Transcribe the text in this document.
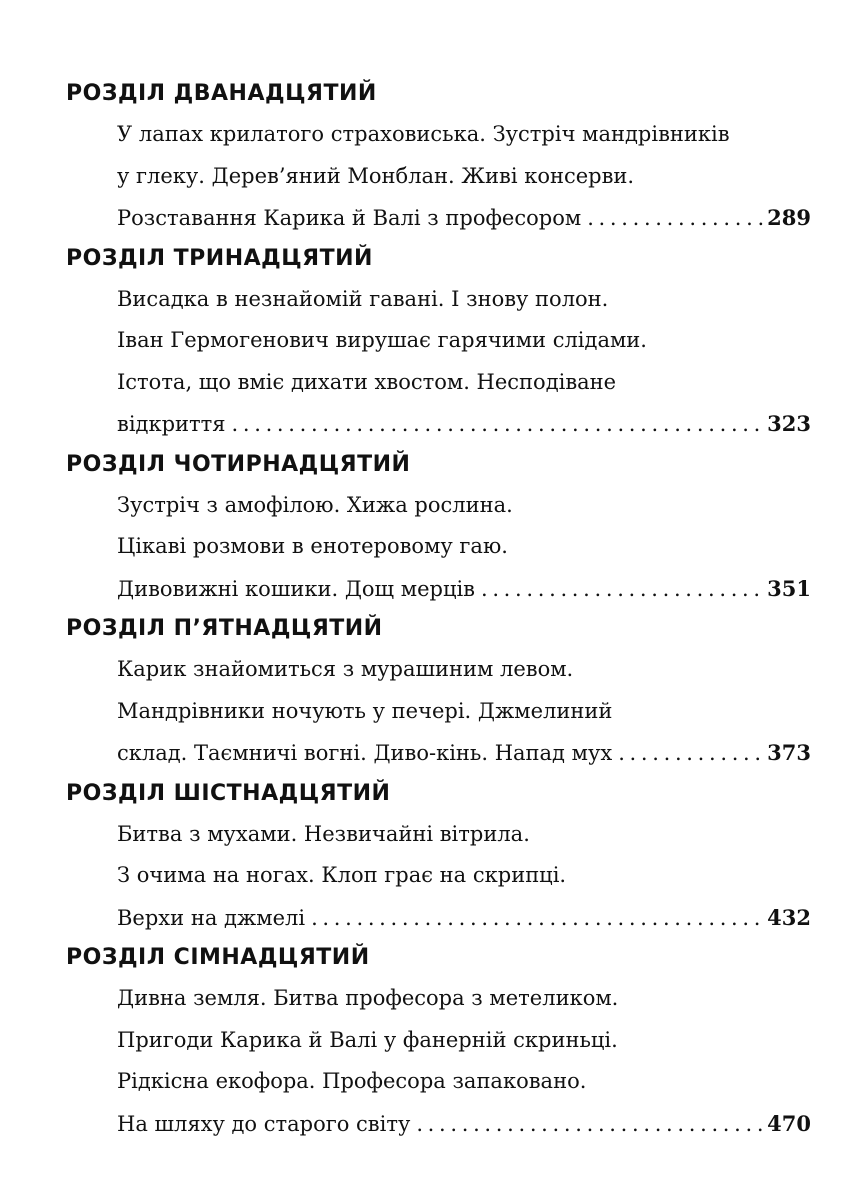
РОЗДІЛ ДВАНАДЦЯТИЙ
У лапах крилатого страховиська. Зустріч мандрівників
у глеку. Дерев’яний Монблан. Живі консерви.
Розставання Карика й Валі з професором . . .	289
РОЗДІЛ ТРИНАДЦЯТИЙ
Висадка в незнайомій гавані. І знову полон.
Іван Гермогенович вирушає гарячими слідами.
Істота, що вміє дихати хвостом. Несподіване
відкриття . . .	323
РОЗДІЛ ЧОТИРНАДЦЯТИЙ
Зустріч з амофілою. Хижа рослина.
Цікаві розмови в енотеровому гаю.
Дивовижні кошики. Дощ мерців . . .	351
РОЗДІЛ П’ЯТНАДЦЯТИЙ
Карик знайомиться з мурашиним левом.
Мандрівники ночують у печері. Джмелиний
склад. Таємничі вогні. Диво-кінь. Напад мух . . .	373
РОЗДІЛ ШІСТНАДЦЯТИЙ
Битва з мухами. Незвичайні вітрила.
З очима на ногах. Клоп грає на скрипці.
Верхи на джмелі . . .	432
РОЗДІЛ СІМНАДЦЯТИЙ
Дивна земля. Битва професора з метеликом.
Пригоди Карика й Валі у фанерній скриньці.
Рідкісна екофора. Професора запаковано.
На шляху до старого світу . . .	470
